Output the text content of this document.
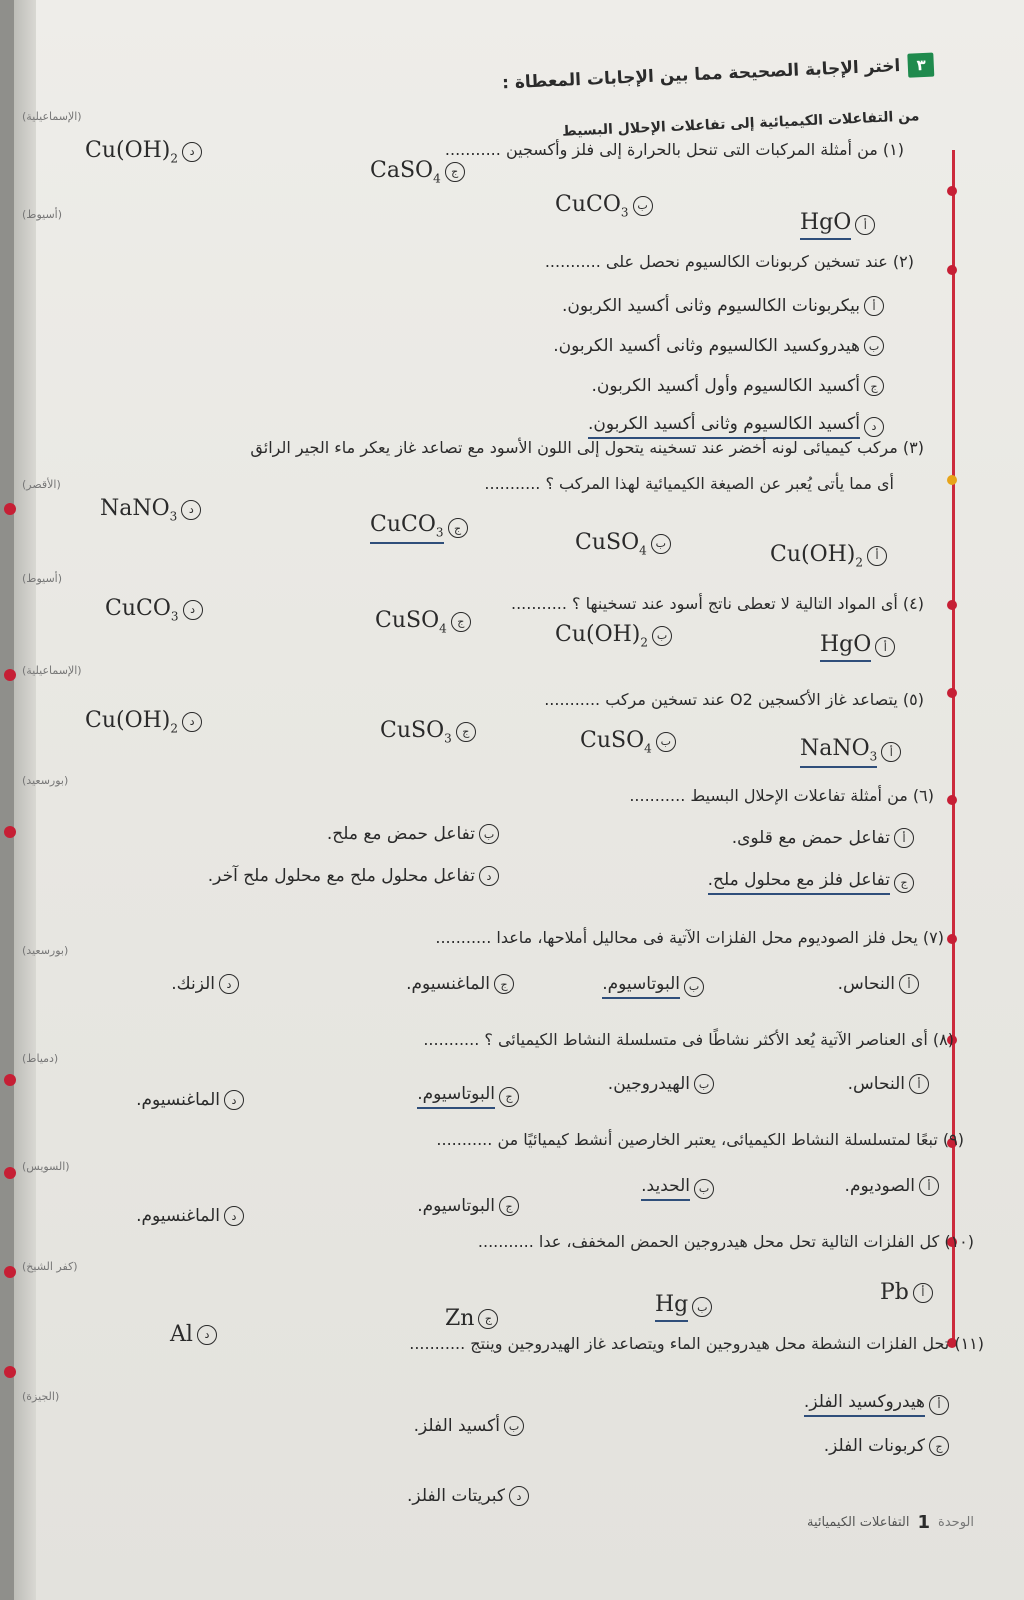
٣
اختر الإجابة الصحيحة مما بين الإجابات المعطاة :
من التفاعلات الكيميائية إلى تفاعلات الإحلال البسيط
(١) من أمثلة المركبات التى تنحل بالحرارة إلى فلز وأكسجين ...........
(الإسماعيلية)
HgO	أ
CuCO$_3$ ب
CaSO$_4$ ج
$Cu(OH)_2$	د
(٢) عند تسخين كربونات الكالسيوم نحصل على ...........
(أسيوط)
أ
بيكربونات الكالسيوم وثانى أكسيد الكربون.
ب
هيدروكسيد الكالسيوم وثانى أكسيد الكربون.
ج
أكسيد الكالسيوم وأول أكسيد الكربون.
د
أكسيد الكالسيوم وثانى أكسيد الكربون.
(٣) مركب كيميائى لونه أخضر عند تسخينه يتحول إلى اللون الأسود مع تصاعد غاز يعكر ماء الجير الرائق
أى مما يأتى يُعبر عن الصيغة الكيميائية لهذا المركب ؟ ...........
(الأقصر)
$Cu(OH)_2$	أ
CuSO$_4$ ب
CuCO$_3$ ج
NaNO$_3$	د
(٤) أى المواد التالية لا تعطى ناتج أسود عند تسخينها ؟ ...........
(أسيوط)
HgO	أ
$Cu(OH)_2$ ب
CuSO$_4$ ج
CuCO$_3$	د
(٥) يتصاعد غاز الأكسجين O2 عند تسخين مركب ...........
(الإسماعيلية)
NaNO$_3$	أ
CuSO$_4$ ب
CuSO$_3$ ج
$Cu(OH)_2$	د
(٦) من أمثلة تفاعلات الإحلال البسيط ...........
(بورسعيد)
أ
تفاعل حمض مع قلوى.
ب
تفاعل حمض مع ملح.
ج
تفاعل فلز مع محلول ملح.
د
تفاعل محلول ملح مع محلول ملح آخر.
(٧) يحل فلز الصوديوم محل الفلزات الآتية فى محاليل أملاحها، ماعدا ...........
(بورسعيد)
أ
النحاس.
ب
البوتاسيوم.
ج
الماغنسيوم.
د
الزنك.
(٨) أى العناصر الآتية يُعد الأكثر نشاطًا فى متسلسلة النشاط الكيميائى ؟ ...........
(دمياط)
أ
النحاس.
ب
الهيدروجين.
ج
البوتاسيوم.
د
الماغنسيوم.
(٩) تبعًا لمتسلسلة النشاط الكيميائى، يعتبر الخارصين أنشط كيميائيًا من ...........
(السويس)
أ
الصوديوم.
ب
الحديد.
ج
البوتاسيوم.
د
الماغنسيوم.
(١٠) كل الفلزات التالية تحل محل هيدروجين الحمض المخفف، عدا ...........
(كفر الشيخ)
Pb	أ
Hg ب
Zn ج
Al	د	(١١) تحل الفلزات النشطة محل هيدروجين الماء ويتصاعد غاز الهيدروجين وينتج ...........
(الجيزة)
أ
هيدروكسيد الفلز.
ب
أكسيد الفلز.
ج
كربونات الفلز.
د
كبريتات الفلز.
الوحدة
1
التفاعلات الكيميائية
